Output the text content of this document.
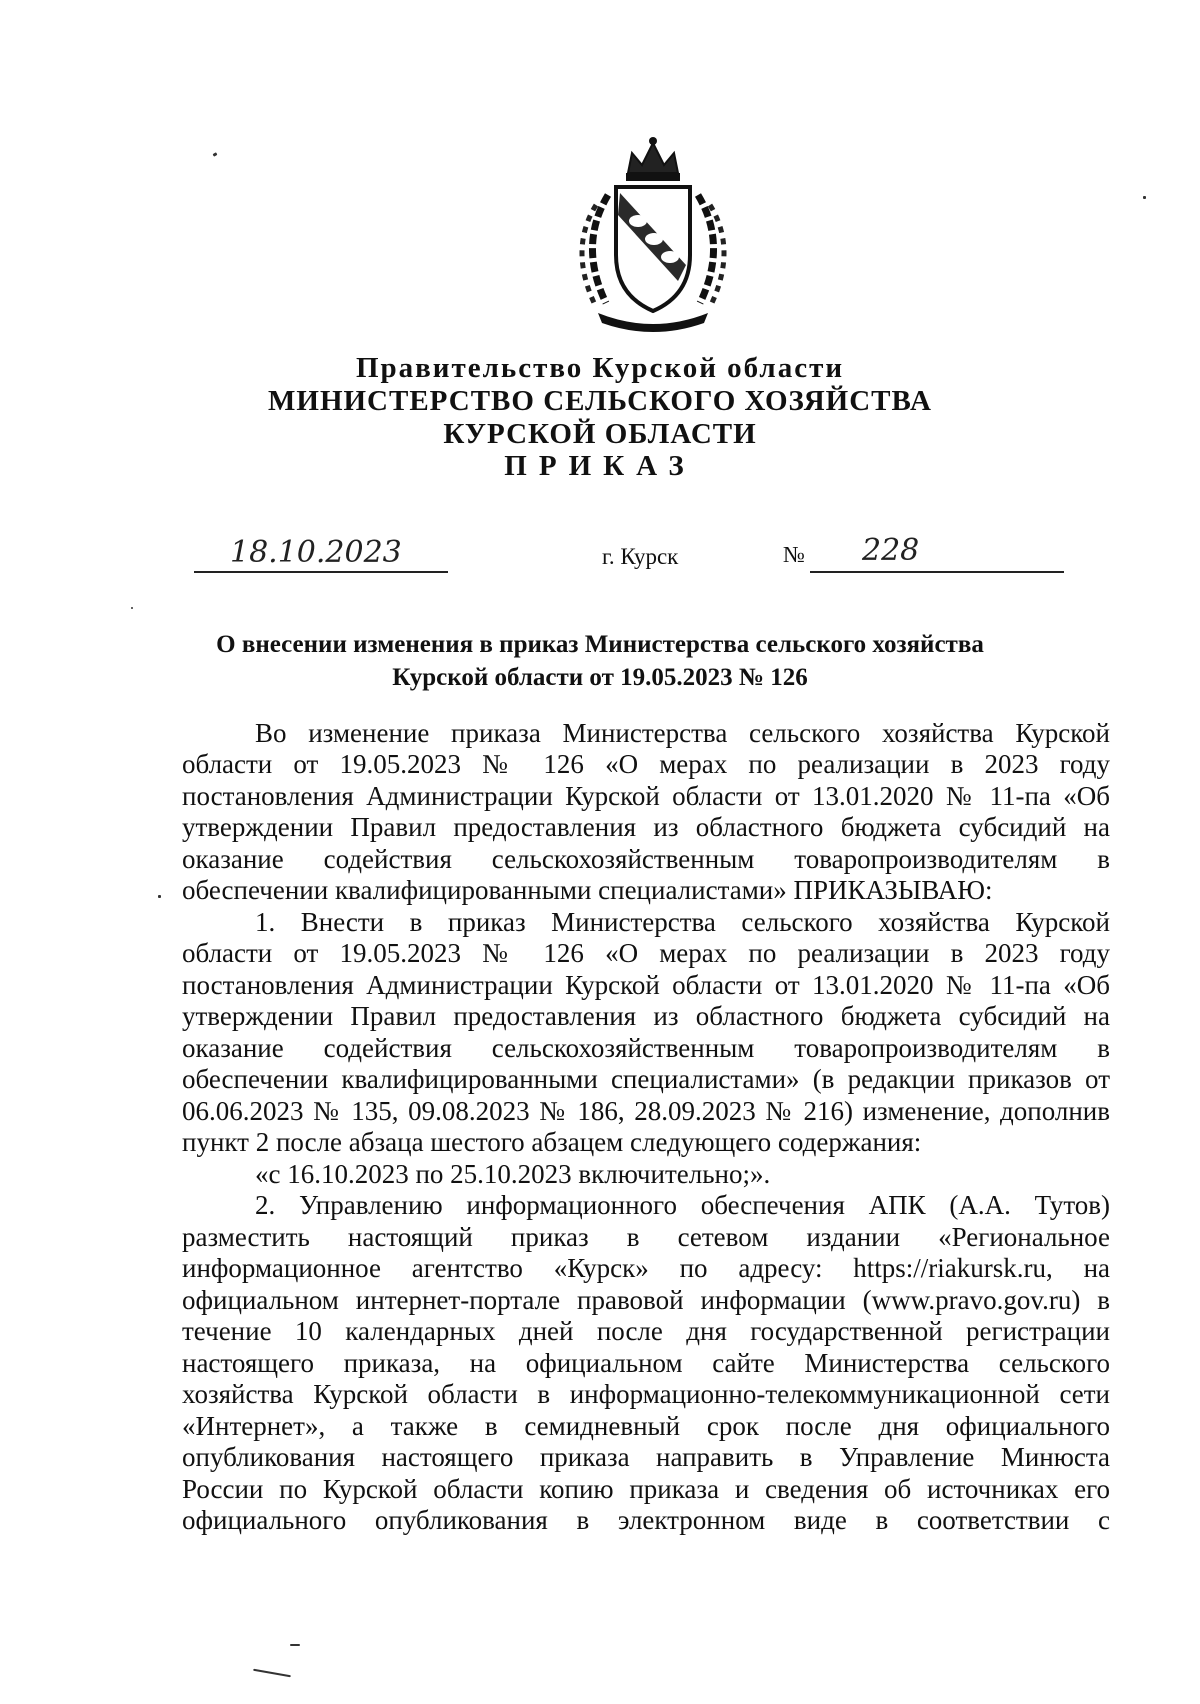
Правительство Курской области
МИНИСТЕРСТВО СЕЛЬСКОГО ХОЗЯЙСТВА
КУРСКОЙ ОБЛАСТИ
ПРИКАЗ
18.10.2023	г. Курск	№ 228
О внесении изменения в приказ Министерства сельского хозяйства
Курской области от 19.05.2023 № 126
Во изменение приказа Министерства сельского хозяйства Курской
области от 19.05.2023 № 126 «О мерах по реализации в 2023 году
постановления Администрации Курской области от 13.01.2020 № 11-па «Об
утверждении Правил предоставления из областного бюджета субсидий на
оказание содействия сельскохозяйственным товаропроизводителям в
обеспечении квалифицированными специалистами» ПРИКАЗЫВАЮ:
1. Внести в приказ Министерства сельского хозяйства Курской
области от 19.05.2023 № 126 «О мерах по реализации в 2023 году
постановления Администрации Курской области от 13.01.2020 № 11-па «Об
утверждении Правил предоставления из областного бюджета субсидий на
оказание содействия сельскохозяйственным товаропроизводителям в
обеспечении квалифицированными специалистами» (в редакции приказов от
06.06.2023 № 135, 09.08.2023 № 186, 28.09.2023 № 216) изменение, дополнив
пункт 2 после абзаца шестого абзацем следующего содержания:
«с 16.10.2023 по 25.10.2023 включительно;».
2. Управлению информационного обеспечения АПК (А.А. Тутов)
разместить настоящий приказ в сетевом издании «Региональное
информационное агентство «Курск» по адресу: https://riakursk.ru, на
официальном интернет-портале правовой информации (www.pravo.gov.ru) в
течение 10 календарных дней после дня государственной регистрации
настоящего приказа, на официальном сайте Министерства сельского
хозяйства Курской области в информационно-телекоммуникационной сети
«Интернет», а также в семидневный срок после дня официального
опубликования настоящего приказа направить в Управление Минюста
России по Курской области копию приказа и сведения об источниках его
официального опубликования в электронном виде в соответствии с
